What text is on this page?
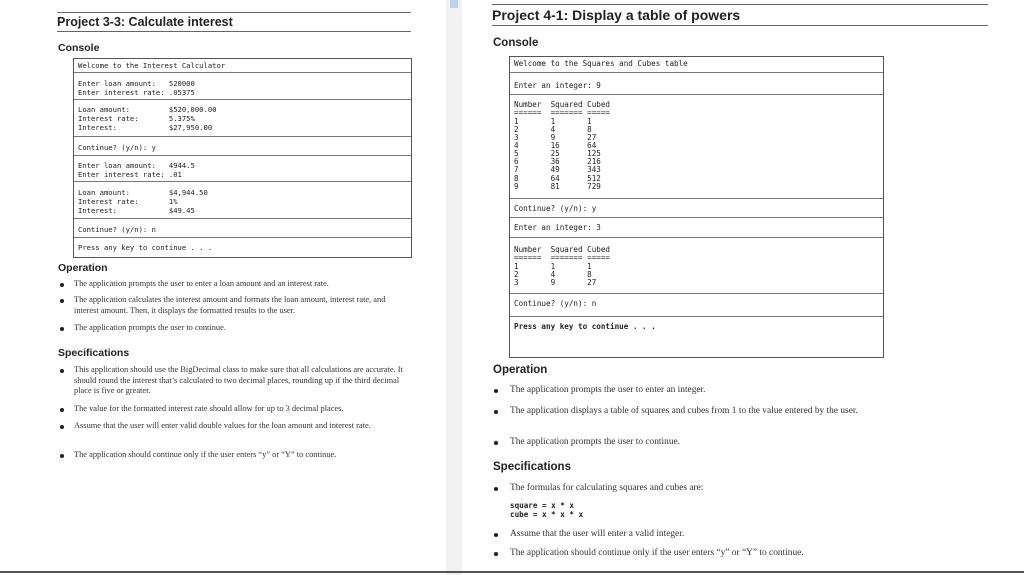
Project 3-3: Calculate interest
Console
Welcome to the Interest Calculator
Enter loan amount:   520000
Enter interest rate: .05375
Loan amount:         $520,000.00
Interest rate:       5.375%
Interest:            $27,950.00
Continue? (y/n): y
Enter loan amount:   4944.5
Enter interest rate: .01
Loan amount:         $4,944.50
Interest rate:       1%
Interest:            $49.45
Continue? (y/n): n
Press any key to continue . . .
Operation
The application prompts the user to enter a loan amount and an interest rate.
The application calculates the interest amount and formats the loan amount, interest rate, and interest amount. Then, it displays the formatted results to the user.
The application prompts the user to continue.
Specifications
This application should use the BigDecimal class to make sure that all calculations are accurate. It should round the interest that’s calculated to two decimal places, rounding up if the third decimal place is five or greater.
The value for the formatted interest rate should allow for up to 3 decimal places.
Assume that the user will enter valid double values for the loan amount and interest rate.
The application should continue only if the user enters “y” or “Y” to continue.
Project 4-1: Display a table of powers
Console
Welcome to the Squares and Cubes table
Enter an integer: 9
Number  Squared Cubed
======  ======= =====
1       1       1
2       4       8
3       9       27
4       16      64
5       25      125
6       36      216
7       49      343
8       64      512
9       81      729
Continue? (y/n): y
Enter an integer: 3
Number  Squared Cubed
======  ======= =====
1       1       1
2       4       8
3       9       27
Continue? (y/n): n
Press any key to continue . . .
Operation
The application prompts the user to enter an integer.
The application displays a table of squares and cubes from 1 to the value entered by the user.
The application prompts the user to continue.
Specifications
The formulas for calculating squares and cubes are:
square = x * x
cube = x * x * x
Assume that the user will enter a valid integer.
The application should continue only if the user enters “y” or “Y” to continue.
